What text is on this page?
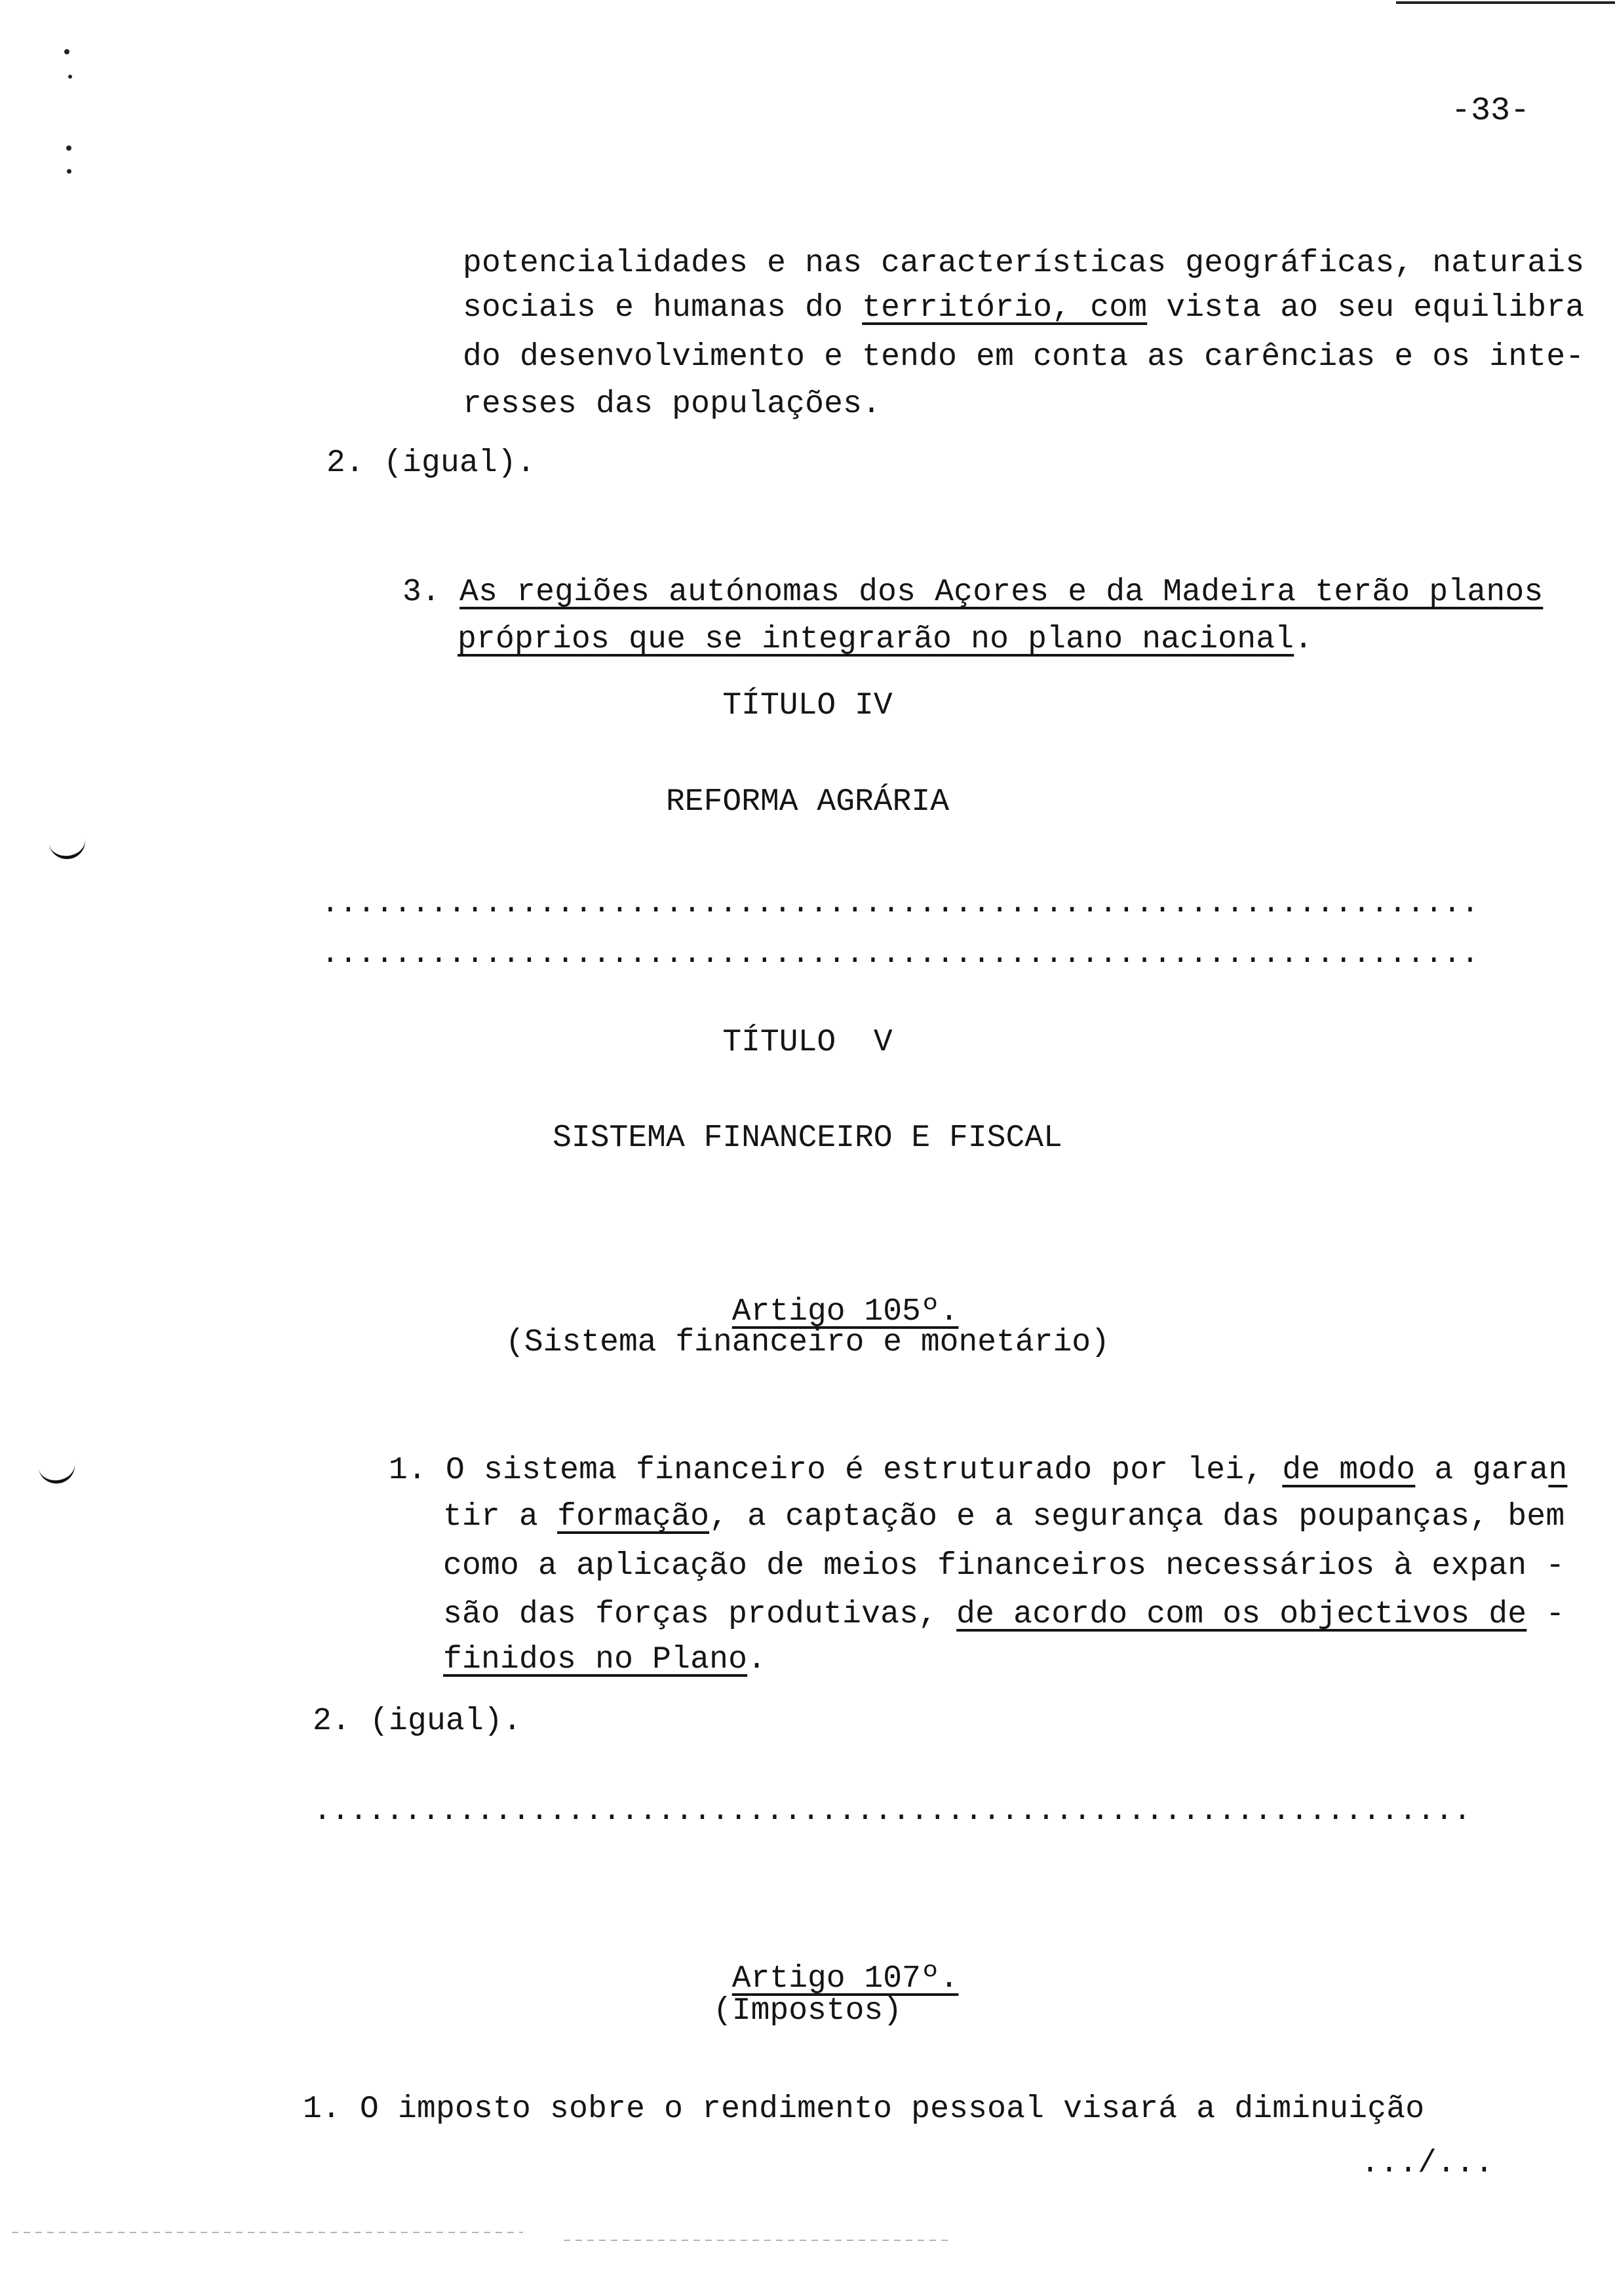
-33-

potencialidades e nas características geográficas, naturais

sociais e humanas do território, com vista ao seu equilibra

do desenvolvimento e tendo em conta as carências e os inte-

resses das populações.

2. (igual).

3. As regiões autónomas dos Açores e da Madeira terão planos

próprios que se integrarão no plano nacional.

TÍTULO IV
REFORMA AGRÁRIA
................................................................
................................................................
TÍTULO  V
SISTEMA FINANCEIRO E FISCAL

Artigo 105º.

(Sistema financeiro e monetário)

1. O sistema financeiro é estruturado por lei, de modo a garan

tir a formação, a captação e a segurança das poupanças, bem

como a aplicação de meios financeiros necessários à expan -

são das forças produtivas, de acordo com os objectivos de -

finidos no Plano.

2. (igual).
................................................................

Artigo 107º.

(Impostos)
1. O imposto sobre o rendimento pessoal visará a diminuição
.../...
